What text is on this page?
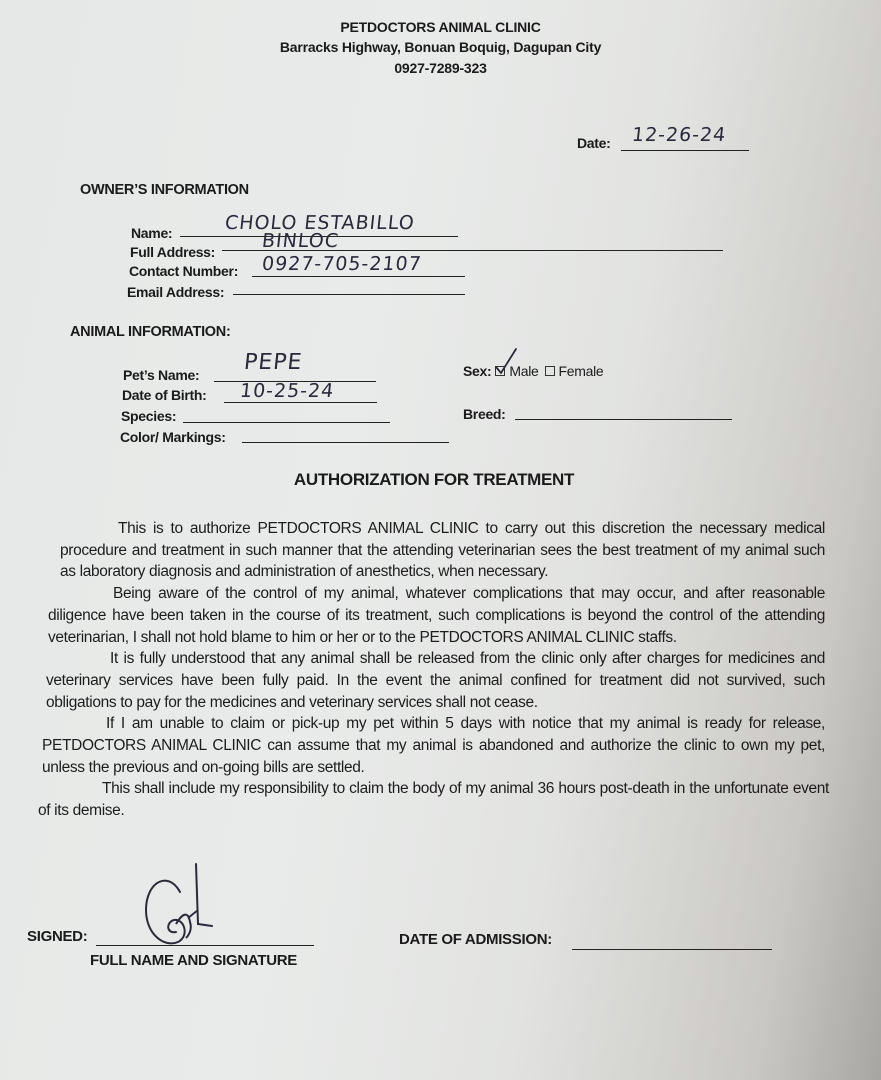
PETDOCTORS ANIMAL CLINIC
Barracks Highway, Bonuan Boquig, Dagupan City
0927-7289-323
Date: 12-26-24
OWNER’S INFORMATION
Name:	CHOLO ESTABILLO
Full Address: BINLOC
Contact Number: 0927-705-2107
Email Address:
ANIMAL INFORMATION:
Pet’s Name: PEPE
Date of Birth: 10-25-24
Species:
Color/ Markings:
Sex: Male Female
Breed:
AUTHORIZATION FOR TREATMENT

This is to authorize PETDOCTORS ANIMAL CLINIC to carry out this discretion the necessary medical procedure and treatment in such manner that the attending veterinarian sees the best treatment of my animal such as laboratory diagnosis and administration of anesthetics, when necessary.

Being aware of the control of my animal, whatever complications that may occur, and after reasonable diligence have been taken in the course of its treatment, such complications is beyond the control of the attending veterinarian, I shall not hold blame to him or her or to the PETDOCTORS ANIMAL CLINIC staffs.

It is fully understood that any animal shall be released from the clinic only after charges for medicines and veterinary services have been fully paid. In the event the animal confined for treatment did not survived, such obligations to pay for the medicines and veterinary services shall not cease.

If I am unable to claim or pick-up my pet within 5 days with notice that my animal is ready for release, PETDOCTORS ANIMAL CLINIC can assume that my animal is abandoned and authorize the clinic to own my pet, unless the previous and on-going bills are settled.

This shall include my responsibility to claim the body of my animal 36 hours post-death in the unfortunate event of its demise.

SIGNED:
FULL NAME AND SIGNATURE
DATE OF ADMISSION:
